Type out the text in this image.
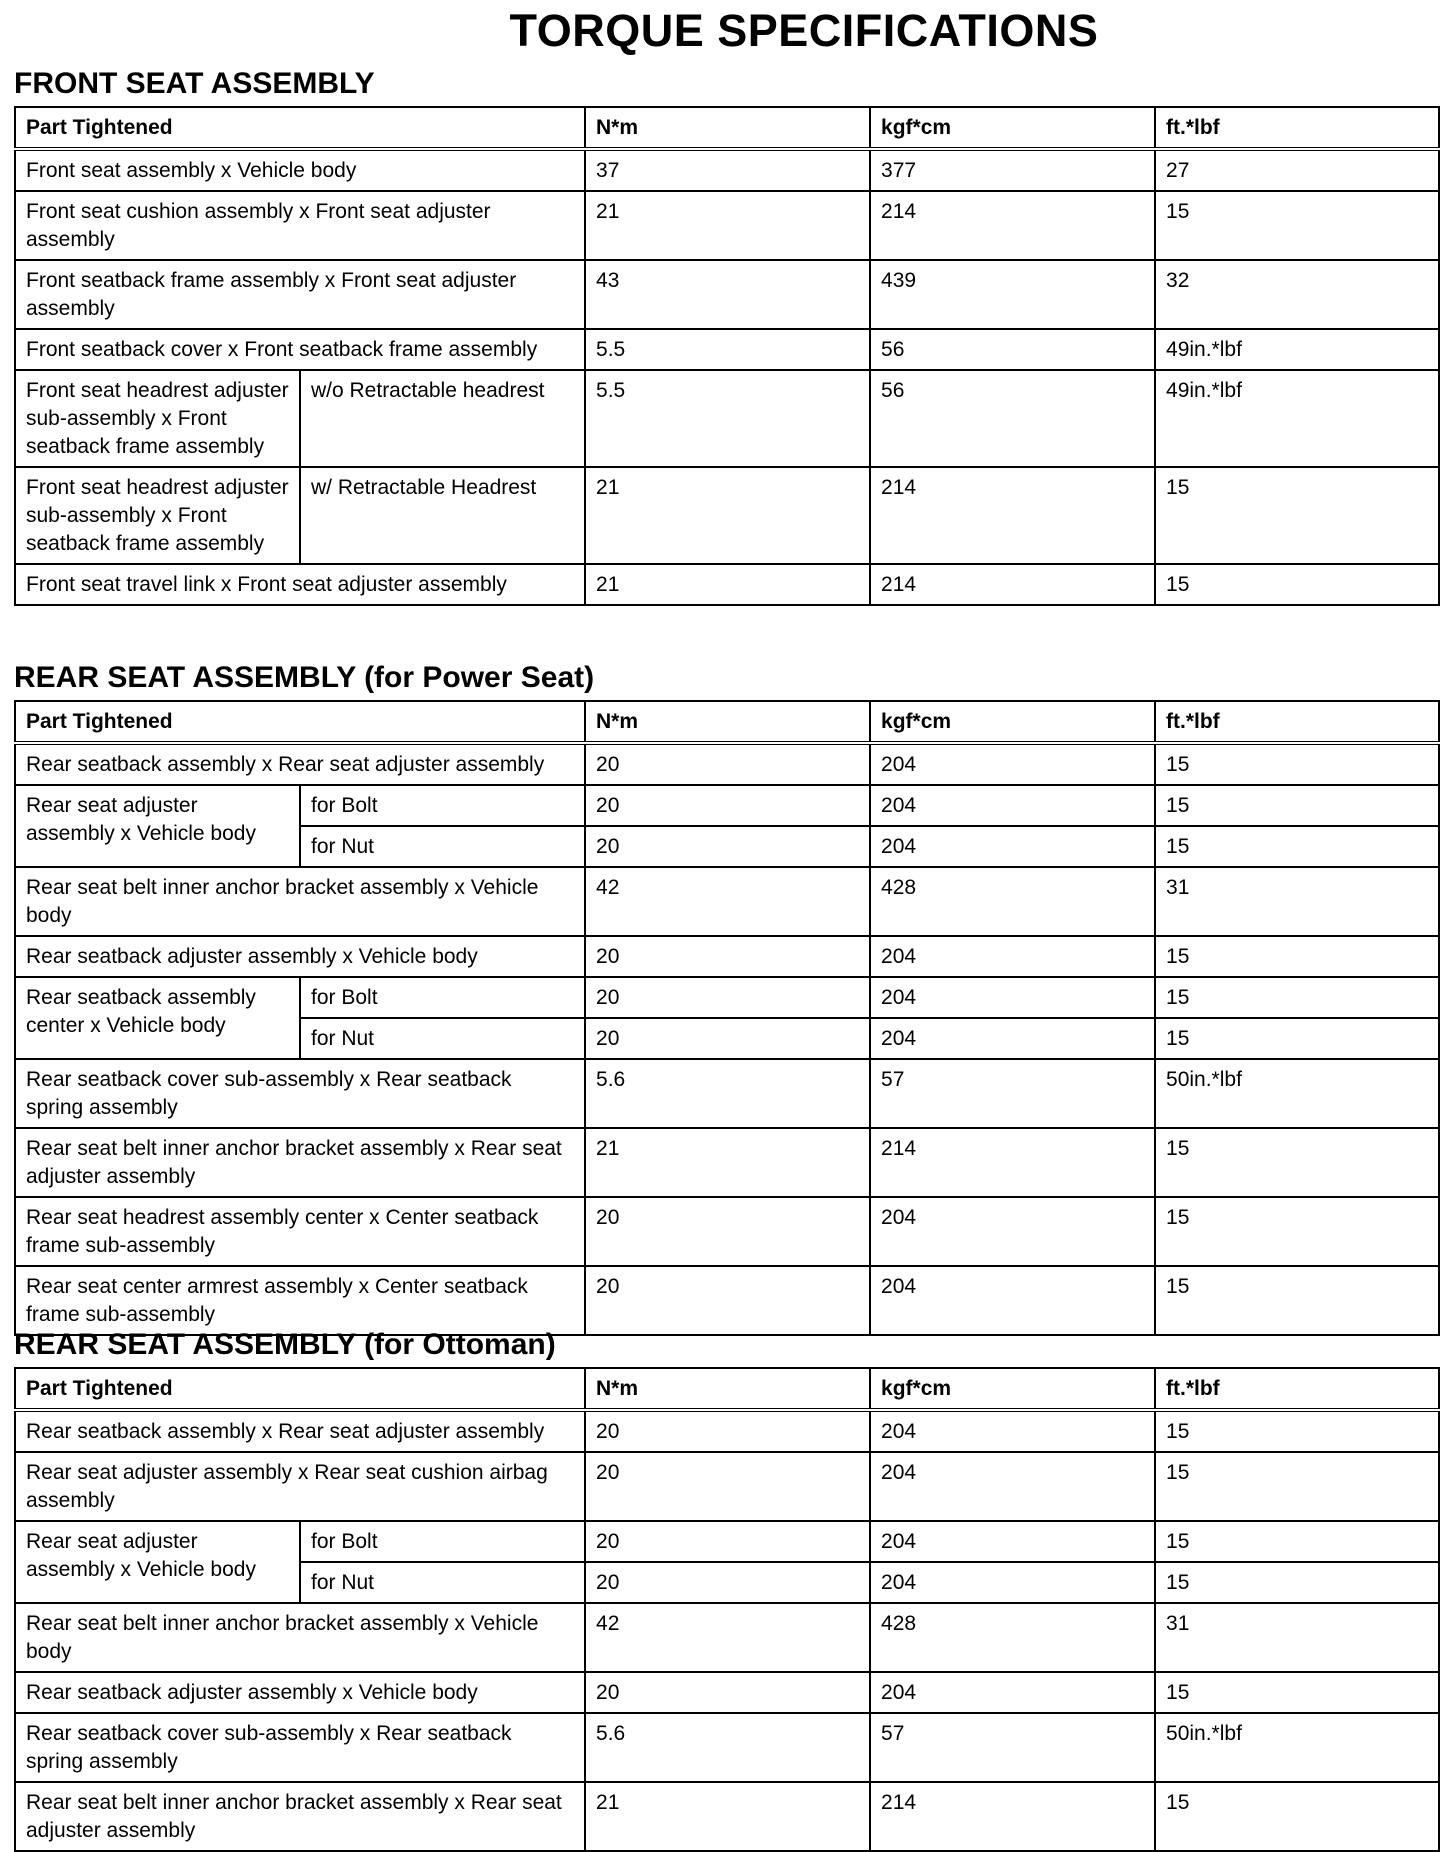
TORQUE SPECIFICATIONS
FRONT SEAT ASSEMBLY
Part Tightened		N*m	kgf*cm	ft.*lbf
Front seat assembly x Vehicle body		37	377	27
Front seat cushion assembly x Front seat adjuster assembly		21	214	15
Front seatback frame assembly x Front seat adjuster assembly		43	439	32
Front seatback cover x Front seatback frame assembly		5.5	56	49in.*lbf
Front seat headrest adjuster sub-assembly x Front seatback frame assembly	w/o Retractable headrest	5.5	56	49in.*lbf
Front seat headrest adjuster sub-assembly x Front seatback frame assembly	w/ Retractable Headrest	21	214	15
Front seat travel link x Front seat adjuster assembly		21	214	15
REAR SEAT ASSEMBLY (for Power Seat)
Part Tightened		N*m	kgf*cm	ft.*lbf
Rear seatback assembly x Rear seat adjuster assembly		20	204	15
Rear seat adjuster assembly x Vehicle body	for Bolt	20	204	15
	for Nut	20	204	15
Rear seat belt inner anchor bracket assembly x Vehicle body		42	428	31
Rear seatback adjuster assembly x Vehicle body		20	204	15
Rear seatback assembly center x Vehicle body	for Bolt	20	204	15
	for Nut	20	204	15
Rear seatback cover sub-assembly x Rear seatback spring assembly		5.6	57	50in.*lbf
Rear seat belt inner anchor bracket assembly x Rear seat adjuster assembly		21	214	15
Rear seat headrest assembly center x Center seatback frame sub-assembly		20	204	15
Rear seat center armrest assembly x Center seatback frame sub-assembly		20	204	15
REAR SEAT ASSEMBLY (for Ottoman)
Part Tightened		N*m	kgf*cm	ft.*lbf
Rear seatback assembly x Rear seat adjuster assembly		20	204	15
Rear seat adjuster assembly x Rear seat cushion airbag assembly		20	204	15
Rear seat adjuster assembly x Vehicle body	for Bolt	20	204	15
	for Nut	20	204	15
Rear seat belt inner anchor bracket assembly x Vehicle body		42	428	31
Rear seatback adjuster assembly x Vehicle body		20	204	15
Rear seatback cover sub-assembly x Rear seatback spring assembly		5.6	57	50in.*lbf
Rear seat belt inner anchor bracket assembly x Rear seat adjuster assembly		21	214	15
